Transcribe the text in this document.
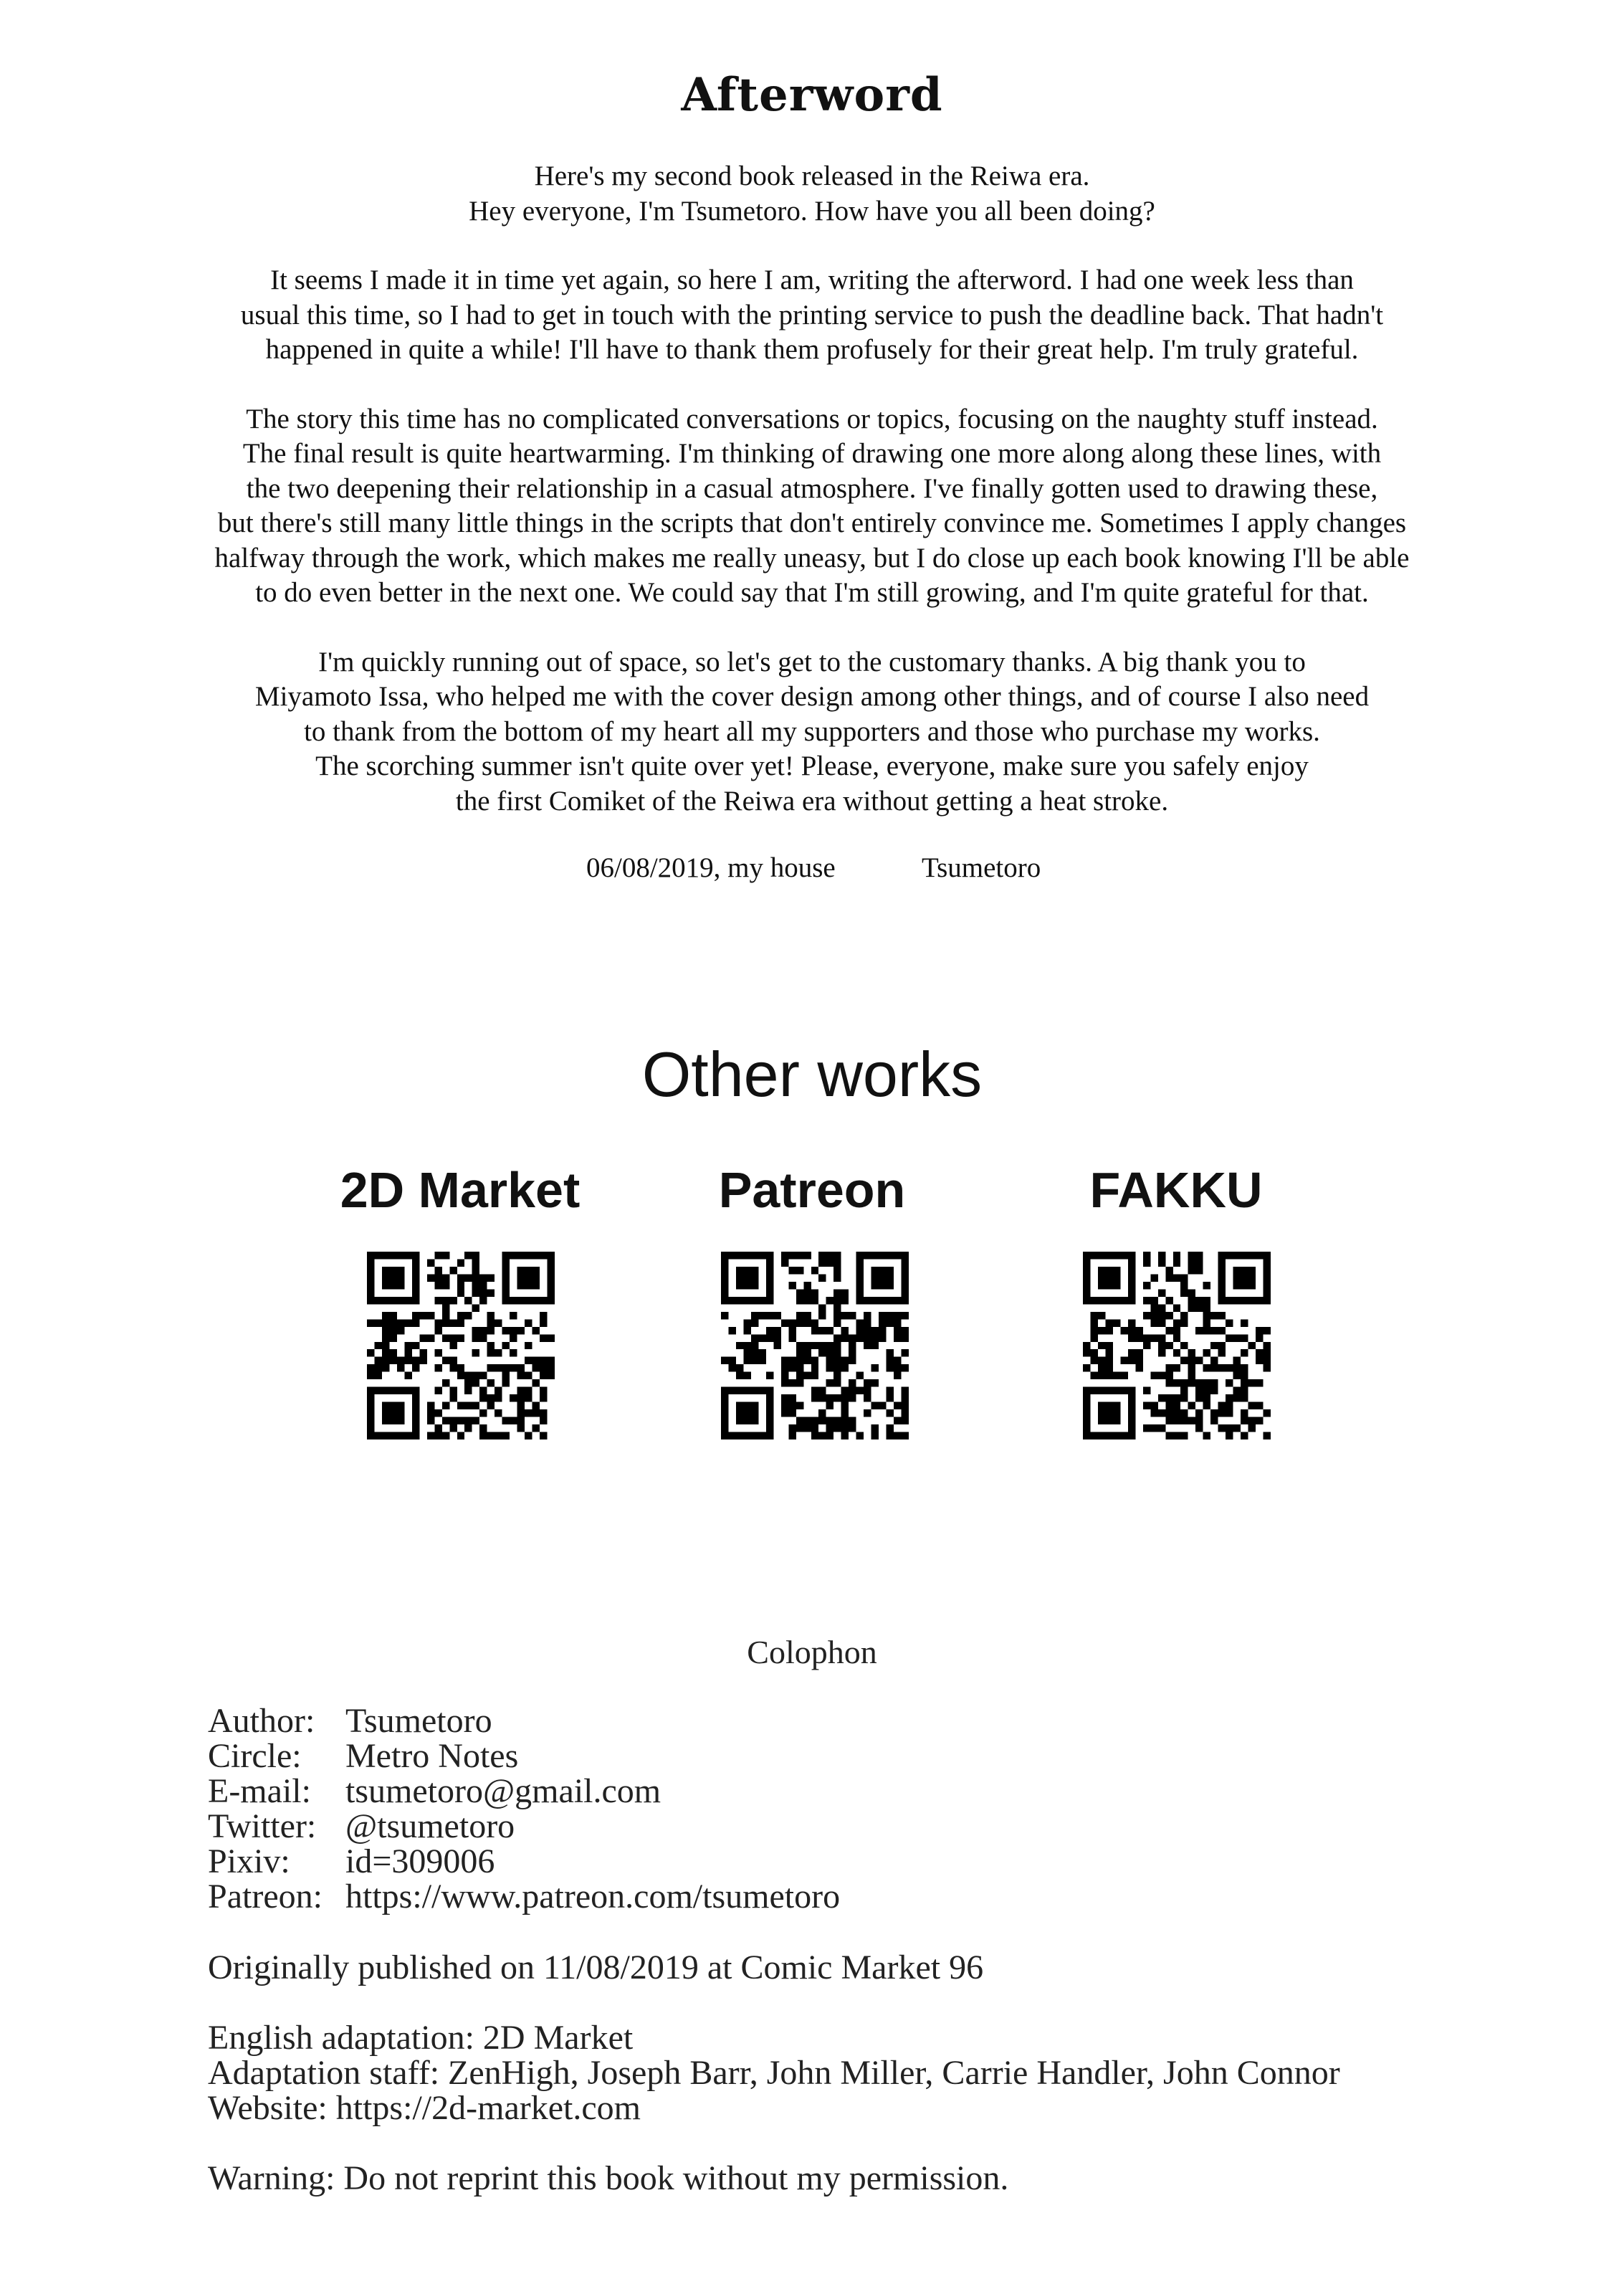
Afterword
Here's my second book released in the Reiwa era.
Hey everyone, I'm Tsumetoro. How have you all been doing?
It seems I made it in time yet again, so here I am, writing the afterword. I had one week less than
usual this time, so I had to get in touch with the printing service to push the deadline back. That hadn't
happened in quite a while! I'll have to thank them profusely for their great help. I'm truly grateful.
The story this time has no complicated conversations or topics, focusing on the naughty stuff instead.
The final result is quite heartwarming. I'm thinking of drawing one more along along these lines, with
the two deepening their relationship in a casual atmosphere. I've finally gotten used to drawing these,
but there's still many little things in the scripts that don't entirely convince me. Sometimes I apply changes
halfway through the work, which makes me really uneasy, but I do close up each book knowing I'll be able
to do even better in the next one. We could say that I'm still growing, and I'm quite grateful for that.
I'm quickly running out of space, so let's get to the customary thanks. A big thank you to
Miyamoto Issa, who helped me with the cover design among other things, and of course I also need
to thank from the bottom of my heart all my supporters and those who purchase my works.
The scorching summer isn't quite over yet! Please, everyone, make sure you safely enjoy
the first Comiket of the Reiwa era without getting a heat stroke.
06/08/2019, my house	Tsumetoro
Other works
2D Market	Patreon	FAKKU
Colophon
Author: Tsumetoro
Circle: Metro Notes
E-mail: tsumetoro@gmail.com
Twitter: @tsumetoro
Pixiv: id=309006
Patreon: https://www.patreon.com/tsumetoro
Originally published on 11/08/2019 at Comic Market 96
English adaptation: 2D Market
Adaptation staff: ZenHigh, Joseph Barr, John Miller, Carrie Handler, John Connor
Website: https://2d-market.com
Warning: Do not reprint this book without my permission.
